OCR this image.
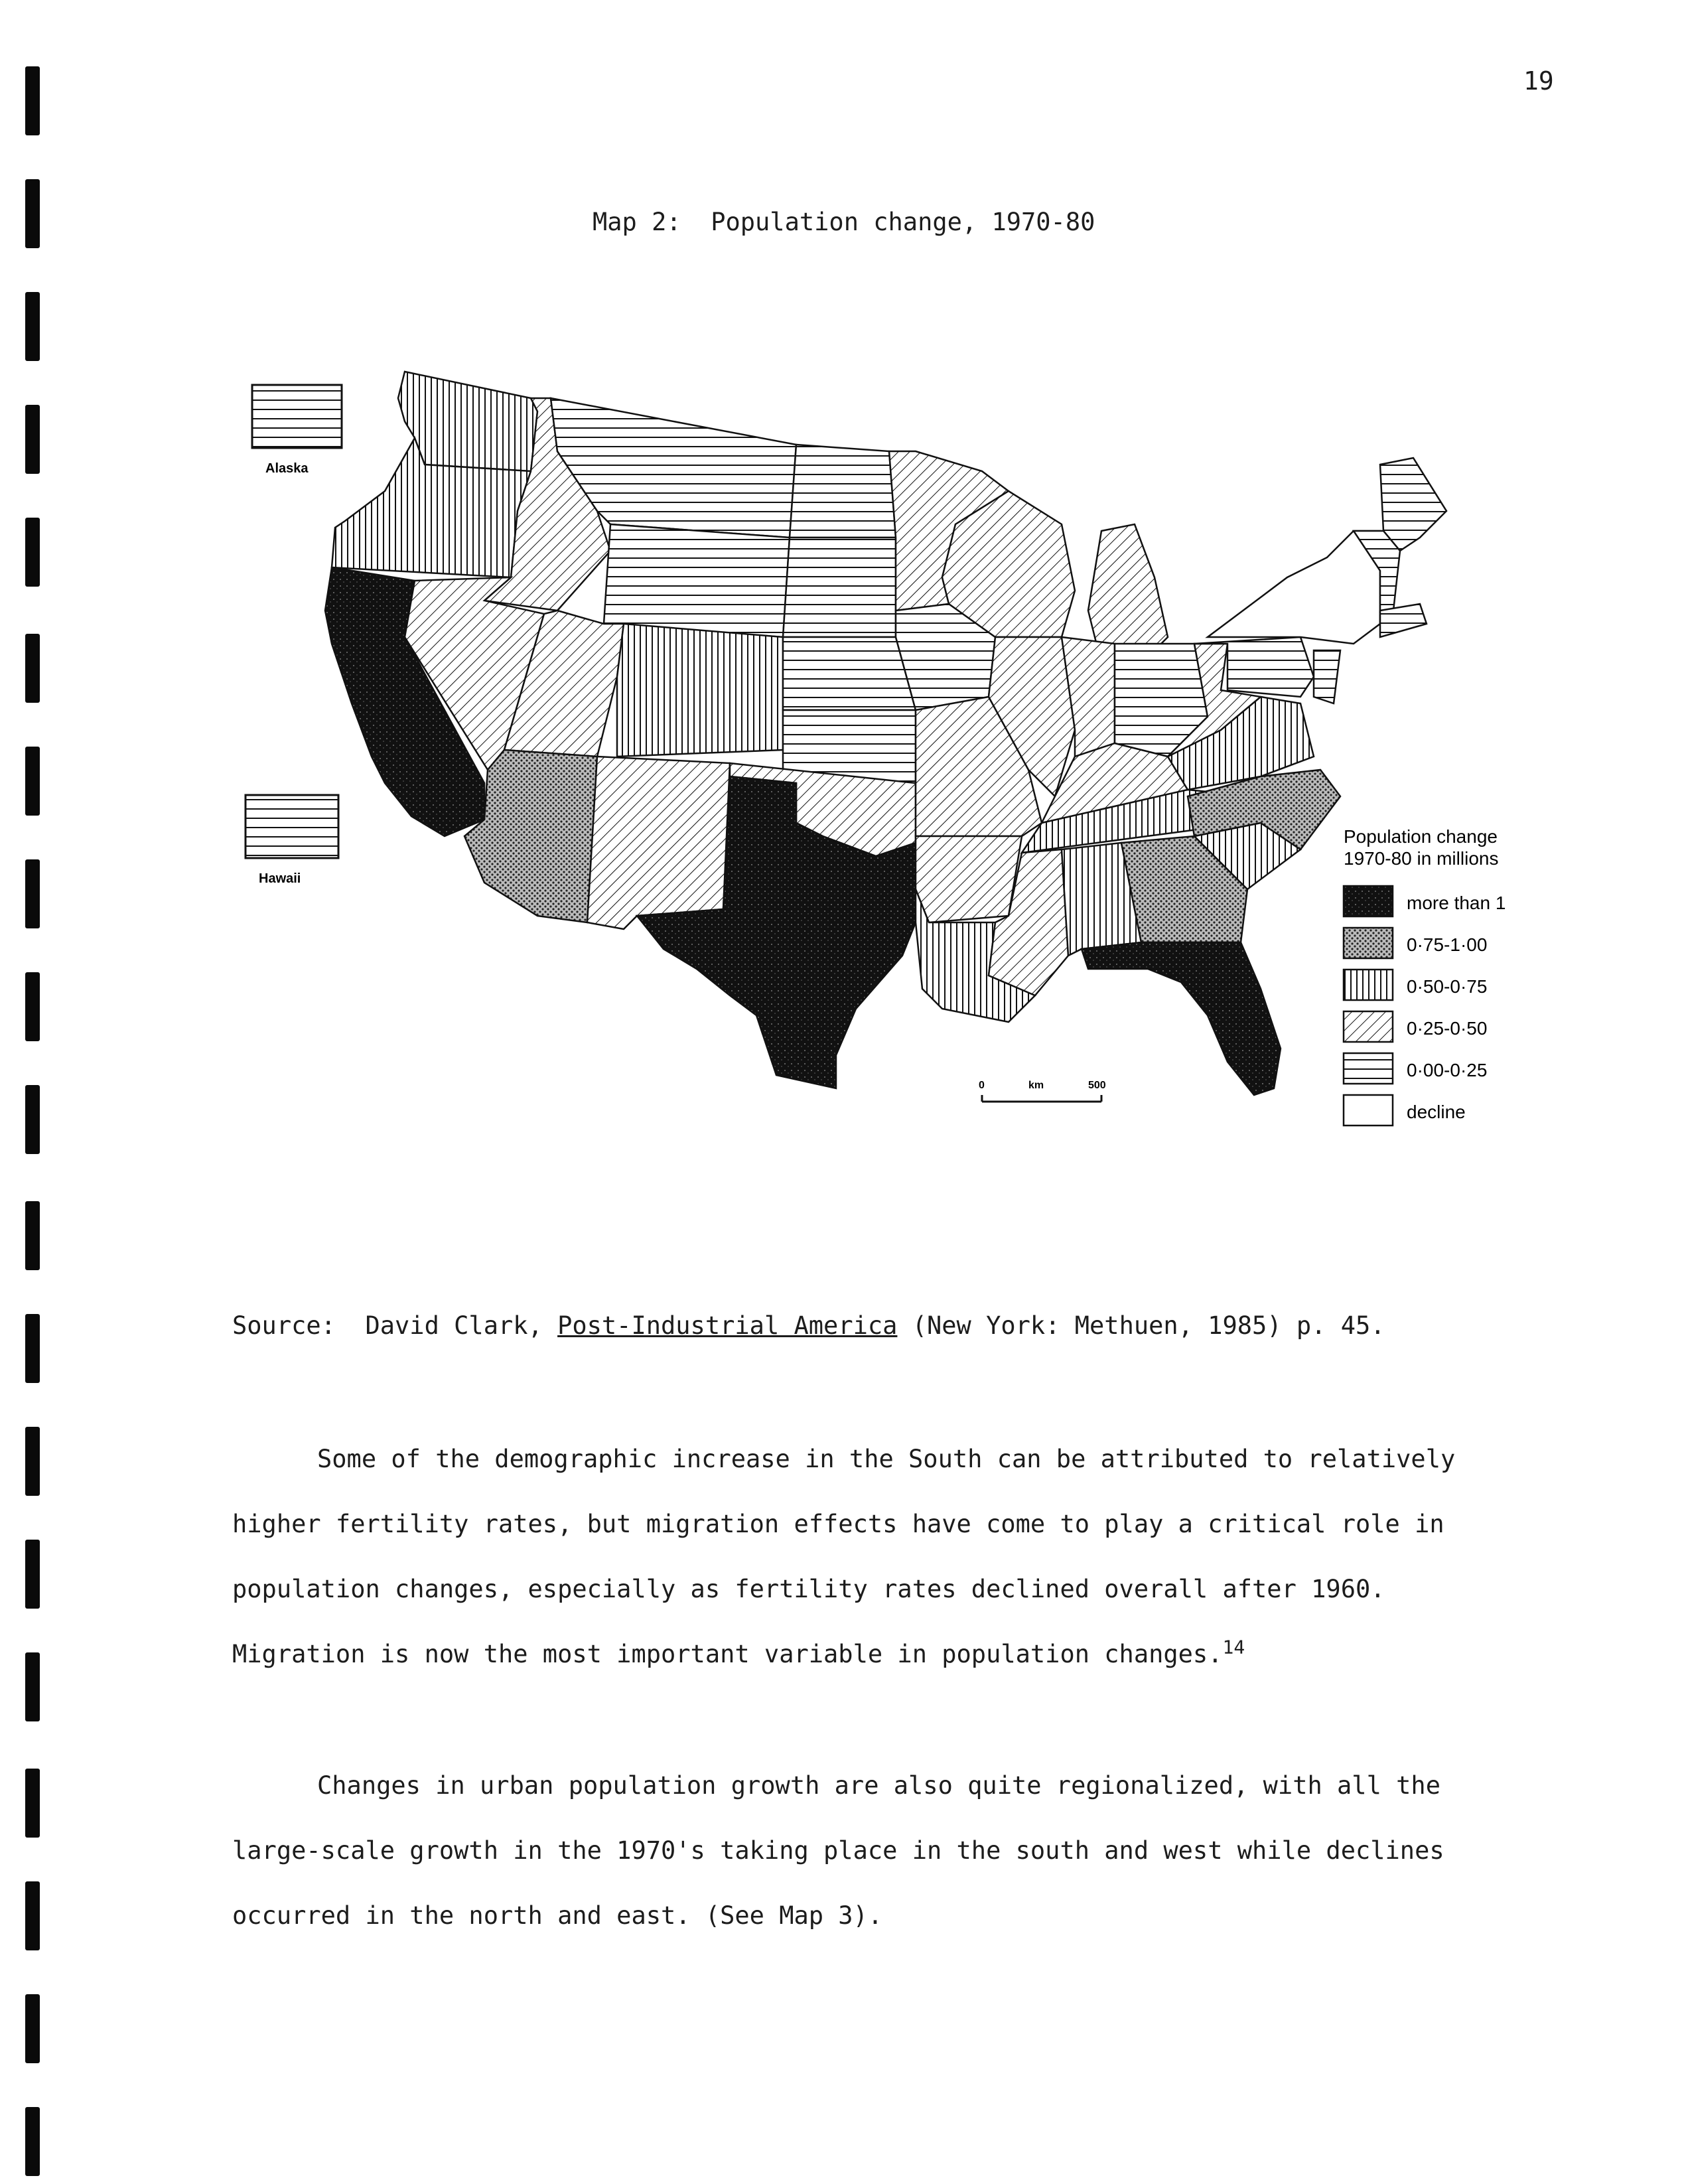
19
Map 2:  Population change, 1970-80
Alaska
Hawaii
0	km	500
Population change
1970-80 in millions
more than 1
0·75-1·00
0·50-0·75
0·25-0·50
0·00-0·25
decline
Source:  David Clark, Post-Industrial America (New York: Methuen, 1985) p. 45.
Some of the demographic increase in the South can be attributed to relatively higher fertility rates, but migration effects have come to play a critical role in population changes, especially as fertility rates declined overall after 1960. Migration is now the most important variable in population changes.$^{14}$
Changes in urban population growth are also quite regionalized, with all the large-scale growth in the 1970's taking place in the south and west while declines occurred in the north and east. (See Map 3).
